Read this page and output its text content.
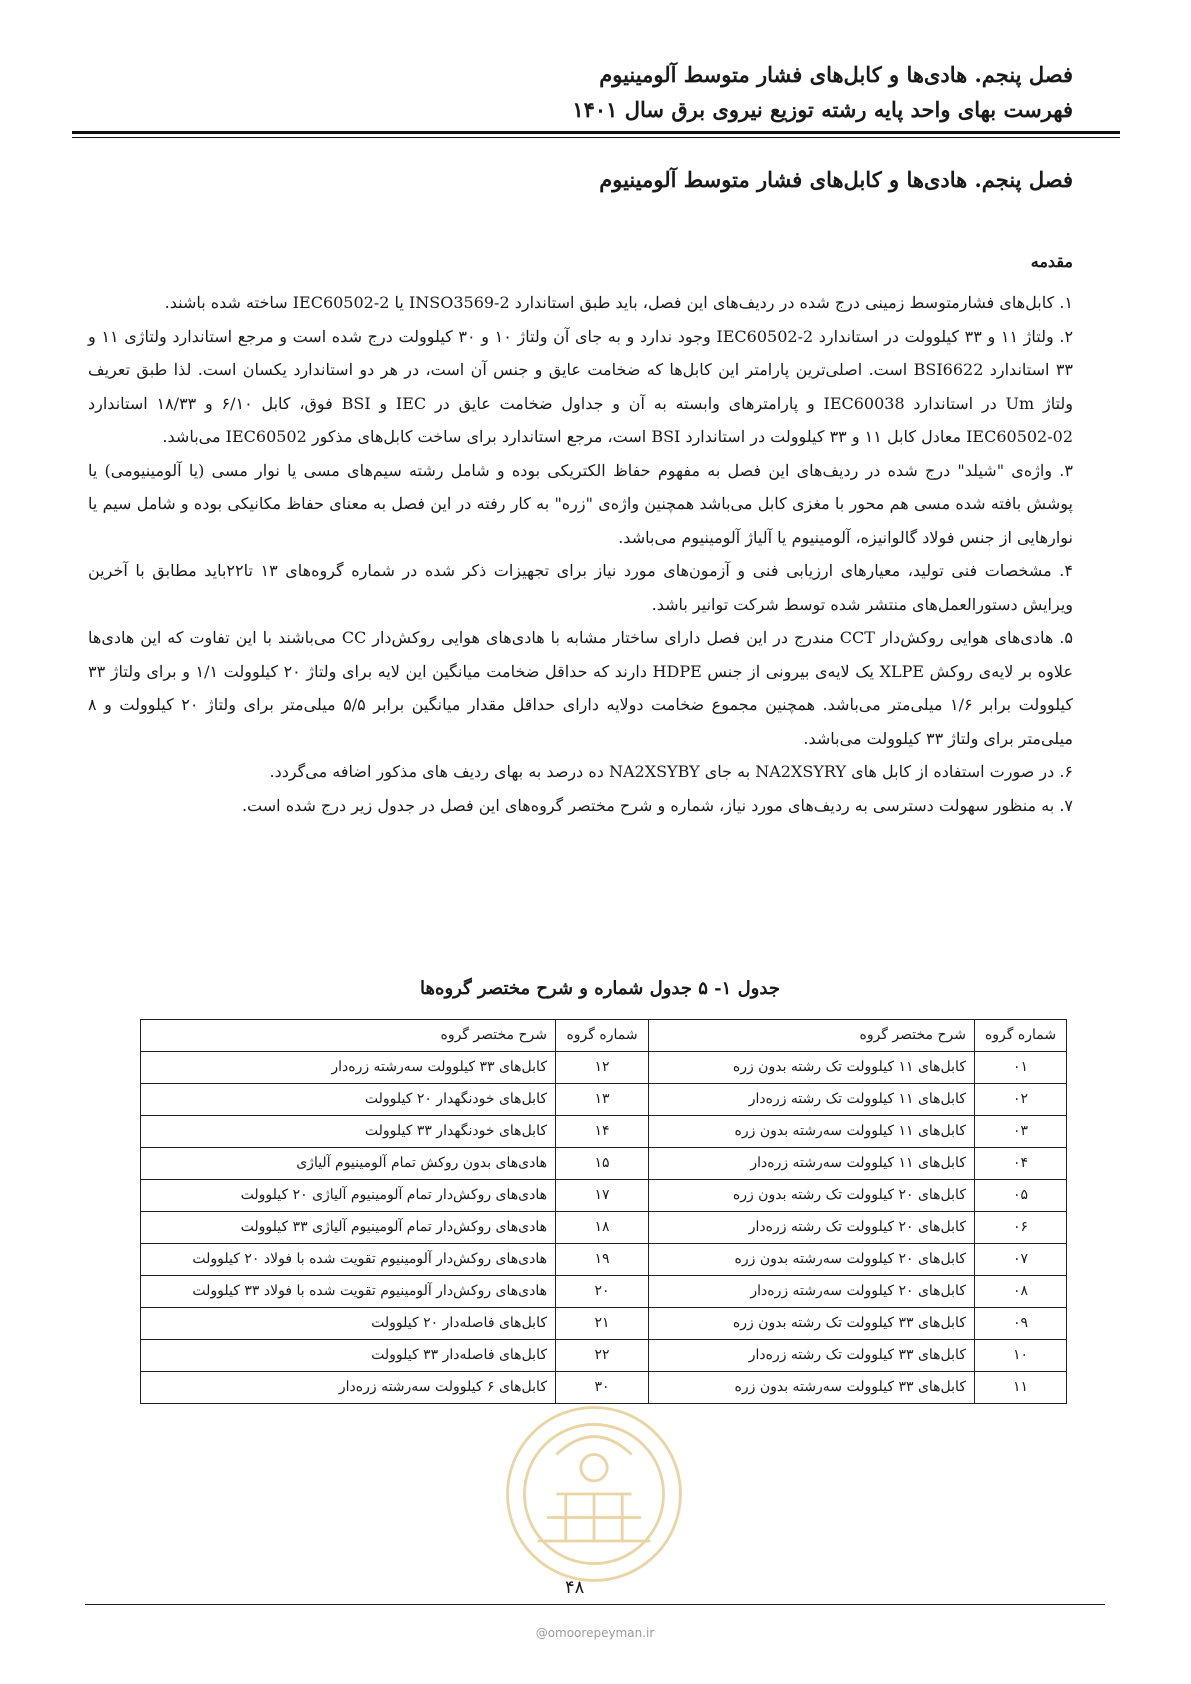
فصل پنجم. هادی‌ها و کابل‌های فشار متوسط آلومینیوم
فهرست بهای واحد پایه رشته توزیع نیروی برق سال ۱۴۰۱
فصل پنجم. هادی‌ها و کابل‌های فشار متوسط آلومینیوم
مقدمه

۱. کابل‌های فشارمتوسط زمینی درج شده در ردیف‌های این فصل، باید طبق استاندارد INSO3569-2 یا IEC60502-2 ساخته شده باشند.

۲. ولتاژ ۱۱ و ۳۳ کیلوولت در استاندارد IEC60502-2 وجود ندارد و به جای آن ولتاژ ۱۰ و ۳۰ کیلوولت درج شده است و مرجع استاندارد ولتاژی ۱۱ و ۳۳ استاندارد BSI6622 است. اصلی‌ترین پارامتر این کابل‌ها که ضخامت عایق و جنس آن است، در هر دو استاندارد یکسان است. لذا طبق تعریف ولتاژ Um در استاندارد IEC60038 و پارامترهای وابسته به آن و جداول ضخامت عایق در IEC و BSI فوق، کابل ۶/۱۰ و ۱۸/۳۳ استاندارد IEC60502-02 معادل کابل ۱۱ و ۳۳ کیلوولت در استاندارد BSI است، مرجع استاندارد برای ساخت کابل‌های مذکور IEC60502 می‌باشد.

۳. واژه‌ی "شیلد" درج شده در ردیف‌های این فصل به مفهوم حفاظ الکتریکی بوده و شامل رشته سیم‌های مسی یا نوار مسی (یا آلومینیومی) یا پوشش بافته شده مسی هم محور با مغزی کابل می‌باشد همچنین واژه‌ی "زره" به کار رفته در این فصل به معنای حفاظ مکانیکی بوده و شامل سیم یا نوارهایی از جنس فولاد گالوانیزه، آلومینیوم یا آلیاژ آلومینیوم می‌باشد.

۴. مشخصات فنی تولید، معیارهای ارزیابی فنی و آزمون‌های مورد نیاز برای تجهیزات ذکر شده در شماره گروه‌های ۱۳ تا۲۲باید مطابق با آخرین ویرایش دستورالعمل‌های منتشر شده توسط شرکت توانیر باشد.

۵. هادی‌های هوایی روکش‌دار CCT مندرج در این فصل دارای ساختار مشابه با هادی‌های هوایی روکش‌دار CC می‌باشند با این تفاوت که این هادی‌ها علاوه بر لایه‌ی روکش XLPE یک لایه‌ی بیرونی از جنس HDPE دارند که حداقل ضخامت میانگین این لایه برای ولتاژ ۲۰ کیلوولت ۱/۱ و برای ولتاژ ۳۳ کیلوولت برابر ۱/۶ میلی‌متر می‌باشد. همچنین مجموع ضخامت دولایه دارای حداقل مقدار میانگین برابر ۵/۵ میلی‌متر برای ولتاژ ۲۰ کیلوولت و ۸ میلی‌متر برای ولتاژ ۳۳ کیلوولت می‌باشد.

۶. در صورت استفاده از کابل های NA2XSYRY به جای NA2XSYBY ده درصد به بهای ردیف های مذکور اضافه می‌گردد.

۷. به منظور سهولت دسترسی به ردیف‌های مورد نیاز، شماره و شرح مختصر گروه‌های این فصل در جدول زیر درج شده است.

جدول ۱- ۵ جدول شماره و شرح مختصر گروه‌ها
شماره گروه	شرح مختصر گروه	شماره گروه	شرح مختصر گروه
۰۱	کابل‌های ۱۱ کیلوولت تک رشته بدون زره	۱۲	کابل‌های ۳۳ کیلوولت سه‌رشته زره‌دار
۰۲	کابل‌های ۱۱ کیلوولت تک رشته زره‌دار	۱۳	کابل‌های خودنگهدار ۲۰ کیلوولت
۰۳	کابل‌های ۱۱ کیلوولت سه‌رشته بدون زره	۱۴	کابل‌های خودنگهدار ۳۳ کیلوولت
۰۴	کابل‌های ۱۱ کیلوولت سه‌رشته زره‌دار	۱۵	هادی‌های بدون روکش تمام آلومینیوم آلیاژی
۰۵	کابل‌های ۲۰ کیلوولت تک رشته بدون زره	۱۷	هادی‌های روکش‌دار تمام آلومینیوم آلیاژی ۲۰ کیلوولت
۰۶	کابل‌های ۲۰ کیلوولت تک رشته زره‌دار	۱۸	هادی‌های روکش‌دار تمام آلومینیوم آلیاژی ۳۳ کیلوولت
۰۷	کابل‌های ۲۰ کیلوولت سه‌رشته بدون زره	۱۹	هادی‌های روکش‌دار آلومینیوم تقویت شده با فولاد ۲۰ کیلوولت
۰۸	کابل‌های ۲۰ کیلوولت سه‌رشته زره‌دار	۲۰	هادی‌های روکش‌دار آلومینیوم تقویت شده با فولاد ۳۳ کیلوولت
۰۹	کابل‌های ۳۳ کیلوولت تک رشته بدون زره	۲۱	کابل‌های فاصله‌دار ۲۰ کیلوولت
۱۰	کابل‌های ۳۳ کیلوولت تک رشته زره‌دار	۲۲	کابل‌های فاصله‌دار ۳۳ کیلوولت
۱۱	کابل‌های ۳۳ کیلوولت سه‌رشته بدون زره	۳۰	کابل‌های ۶ کیلوولت سه‌رشته زره‌دار
۴۸
@omoorepeyman.ir
